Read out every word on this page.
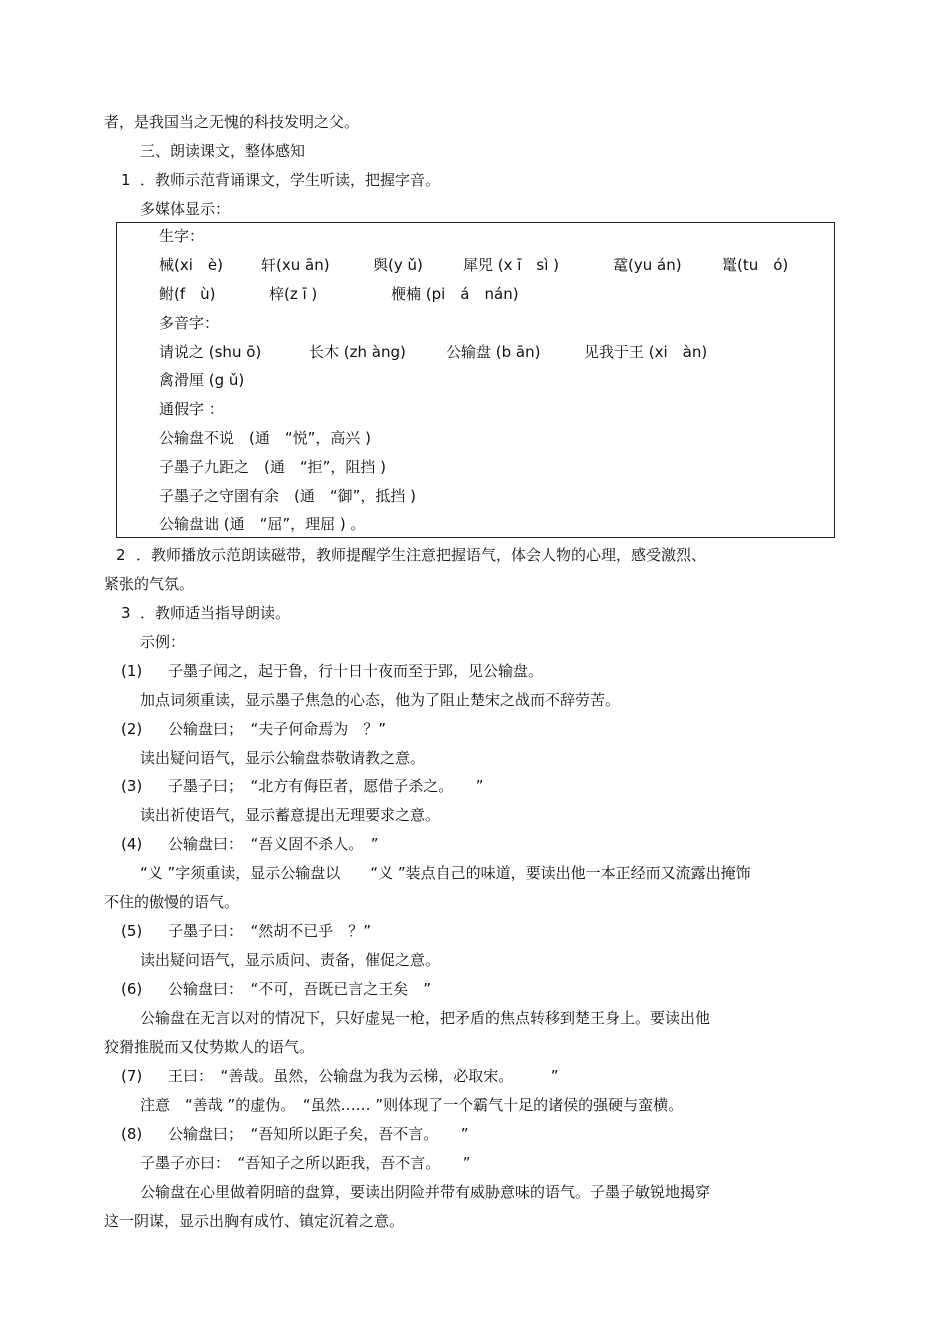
者，是我国当之无愧的科技发明之父。
三、朗读课文，整体感知
1 ．教师示范背诵课文，学生听读，把握字音。
多媒体显示：
生字：
械(xi　è)	轩(xu ān)	舆(y ǔ)	犀兕 (x ī　sì )	鼋(yu án)	鼍(tu　ó)
鲋(f　ù)	梓(z ī )	楩楠 (pi　á　nán)
多音字：
请说之 (shu ō)	长木 (zh àng)	公输盘 (b ān)	见我于王 (xi　àn)
禽滑厘 (g ǔ)
通假字 ：
公输盘不说　(通　“悦”，高兴 )
子墨子九距之　(通　“拒”，阻挡 )
子墨子之守圉有余　(通　“御”，抵挡 )
公输盘诎 (通　“屈”，理屈 ) 。
2 ．教师播放示范朗读磁带，教师提醒学生注意把握语气，体会人物的心理，感受激烈、
紧张的气氛。
3 ．教师适当指导朗读。
示例：
(1) 子墨子闻之，起于鲁，行十日十夜而至于郢，见公输盘。
加点词须重读，显示墨子焦急的心态，他为了阻止楚宋之战而不辞劳苦。
(2) 公输盘曰；　“夫子何命焉为　？”
读出疑问语气，显示公输盘恭敬请教之意。
(3) 子墨子曰；　“北方有侮臣者，愿借子杀之。　　”
读出祈使语气，显示蓄意提出无理要求之意。
(4) 公输盘曰：　“吾义固不杀人。　”
“义 ”字须重读，显示公输盘以　　“义 ”装点自己的味道，要读出他一本正经而又流露出掩饰
不住的傲慢的语气。
(5) 子墨子曰：　“然胡不已乎　？”
读出疑问语气，显示质问、责备，催促之意。
(6) 公输盘曰：　“不可，吾既已言之王矣　”
公输盘在无言以对的情况下，只好虚晃一枪，把矛盾的焦点转移到楚王身上。要读出他
狡猾推脱而又仗势欺人的语气。
(7) 王曰：　“善哉。虽然，公输盘为我为云梯，必取宋。　　　”
注意　“善哉 ”的虚伪。　“虽然…… ”则体现了一个霸气十足的诸侯的强硬与蛮横。
(8) 公输盘曰；　“吾知所以距子矣，吾不言。　　”
子墨子亦曰：　“吾知子之所以距我，吾不言。　　”
公输盘在心里做着阴暗的盘算，要读出阴险并带有威胁意味的语气。子墨子敏锐地揭穿
这一阴谋，显示出胸有成竹、镇定沉着之意。
